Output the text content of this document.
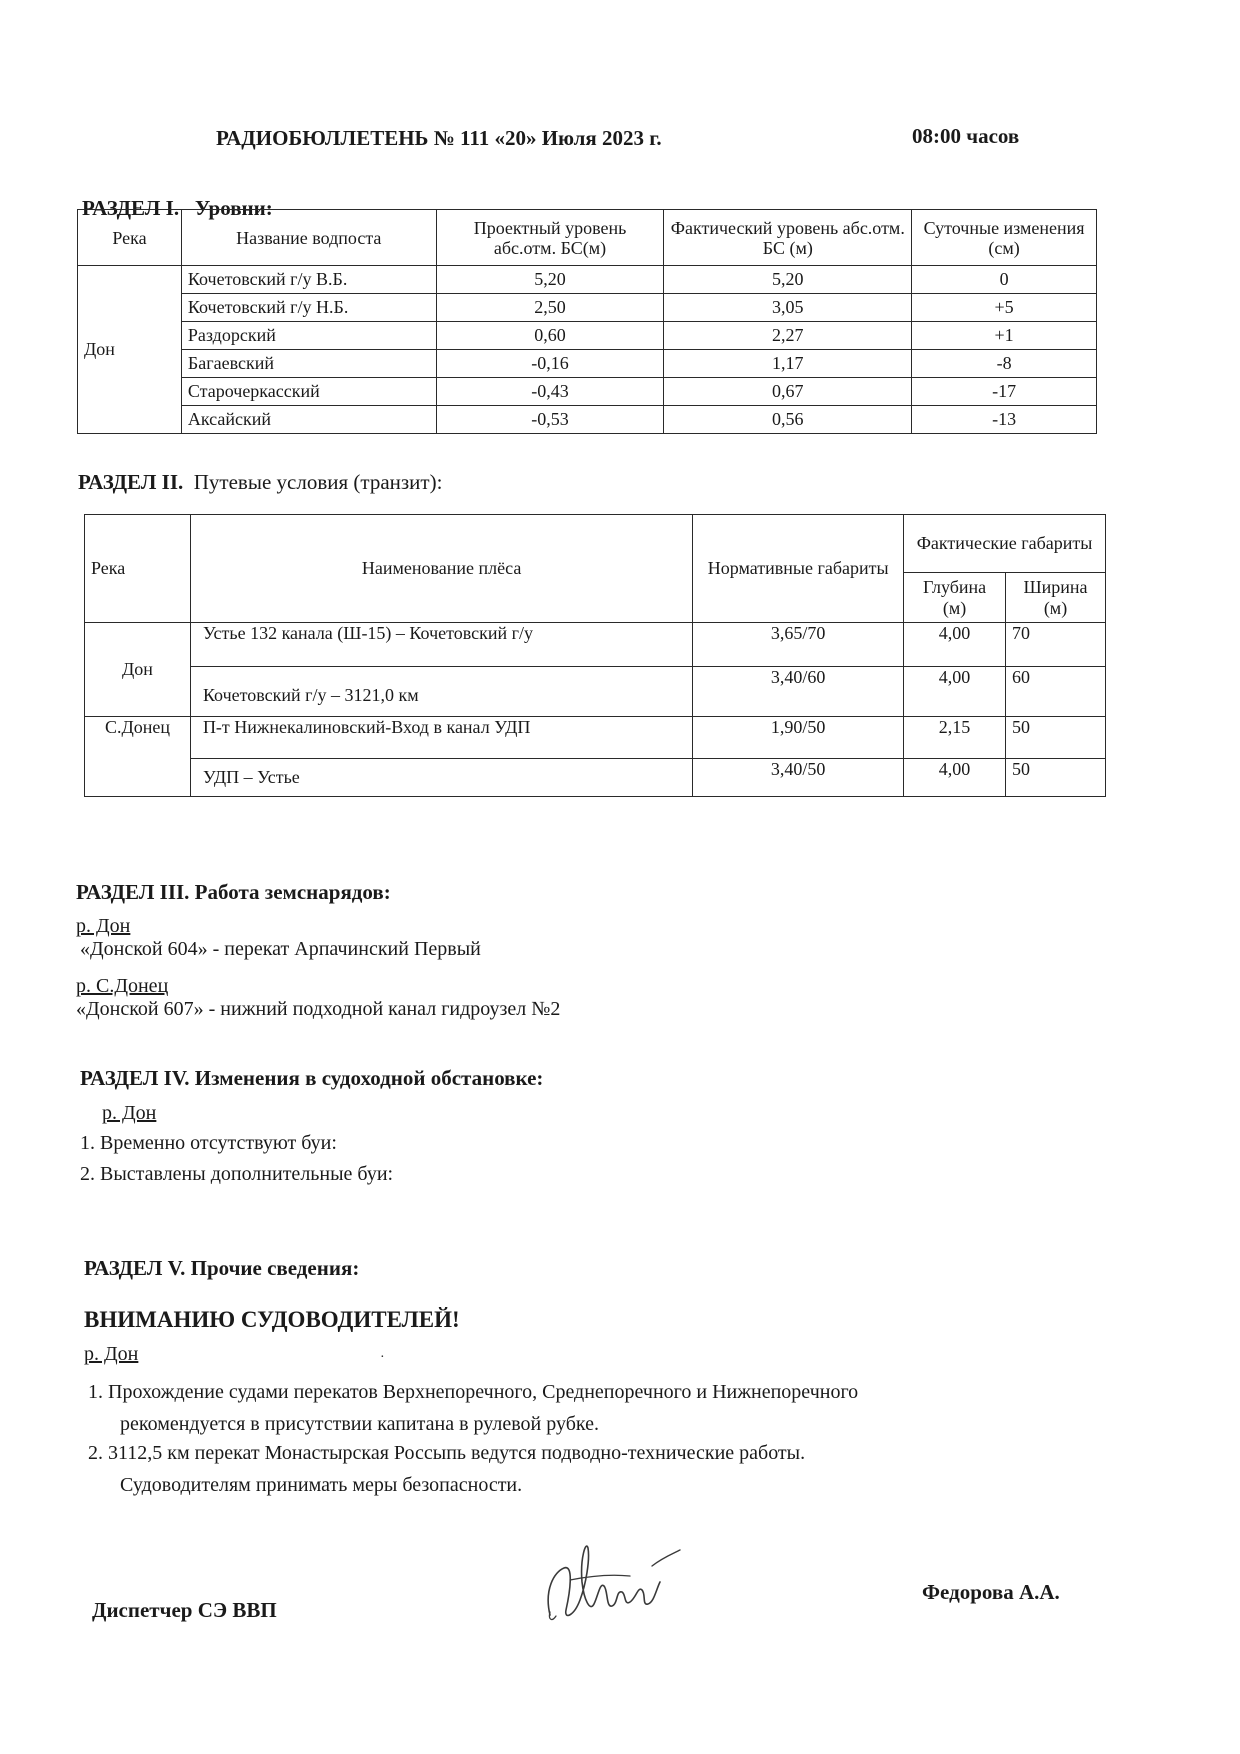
РАДИОБЮЛЛЕТЕНЬ № 111 «20» Июля 2023 г.	08:00 часов
РАЗДЕЛ I. Уровни:
Река	Название водпоста	Проектный уровень абс.отм. БС(м)	Фактический уровень абс.отм. БС (м)	Суточные изменения (см)
Дон	Кочетовский г/у В.Б.	5,20	5,20	0
	Кочетовский г/у Н.Б.	2,50	3,05	+5
	Раздорский	0,60	2,27	+1
	Багаевский	-0,16	1,17	-8
	Старочеркасский	-0,43	0,67	-17
	Аксайский	-0,53	0,56	-13
РАЗДЕЛ II. Путевые условия (транзит):
Река	Наименование плёса	Нормативные габариты	Фактические габариты	
			Глубина (м)	Ширина (м)
Дон	Устье 132 канала (Ш-15) – Кочетовский г/у	3,65/70	4,00	70
	Кочетовский г/у – 3121,0 км	3,40/60	4,00	60
С.Донец	П-т Нижнекалиновский-Вход в канал УДП	1,90/50	2,15	50
	УДП – Устье	3,40/50	4,00	50
РАЗДЕЛ III. Работа земснарядов:
р. Дон
«Донской 604» - перекат Арпачинский Первый
р. С.Донец
«Донской 607» - нижний подходной канал гидроузел №2
РАЗДЕЛ IV. Изменения в судоходной обстановке:
р. Дон
1. Временно отсутствуют буи:
2. Выставлены дополнительные буи:
РАЗДЕЛ V. Прочие сведения:
ВНИМАНИЮ СУДОВОДИТЕЛЕЙ!
р. Дон	·
1. Прохождение судами перекатов Верхнепоречного, Среднепоречного и Нижнепоречного
рекомендуется в присутствии капитана в рулевой рубке.
2. 3112,5 км перекат Монастырская Россыпь ведутся подводно-технические работы.
Судоводителям принимать меры безопасности.
Диспетчер СЭ ВВП
Федорова А.А.
